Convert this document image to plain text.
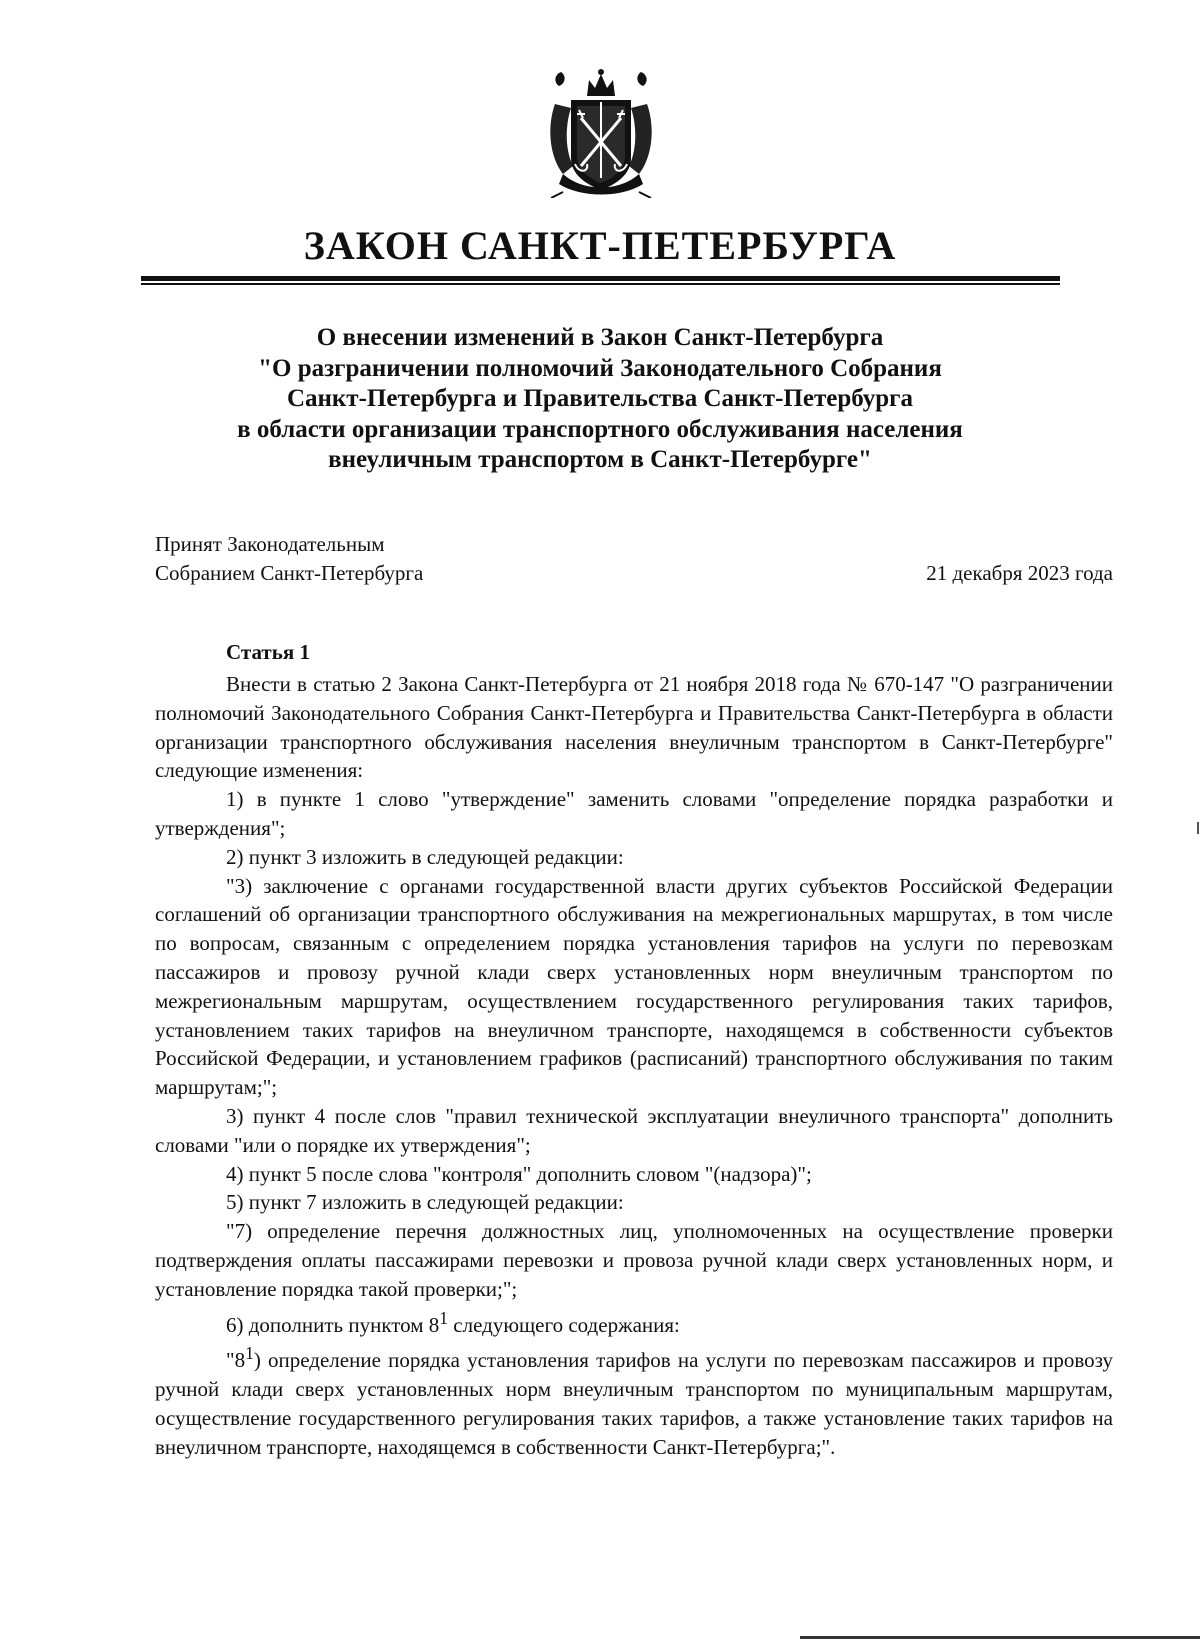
ЗАКОН САНКТ-ПЕТЕРБУРГА
О внесении изменений в Закон Санкт-Петербурга
"О разграничении полномочий Законодательного Собрания
Санкт-Петербурга и Правительства Санкт-Петербурга
в области организации транспортного обслуживания населения
внеуличным транспортом в Санкт-Петербурге"
Принят Законодательным
Собранием Санкт-Петербурга	21 декабря 2023 года
Статья 1

Внести в статью 2 Закона Санкт-Петербурга от 21 ноября 2018 года № 670-147 "О разграничении полномочий Законодательного Собрания Санкт-Петербурга и Правительства Санкт-Петербурга в области организации транспортного обслуживания населения внеуличным транспортом в Санкт-Петербурге" следующие изменения:

1) в пункте 1 слово "утверждение" заменить словами "определение порядка разработки и утверждения";

2) пункт 3 изложить в следующей редакции:

"3) заключение с органами государственной власти других субъектов Российской Федерации соглашений об организации транспортного обслуживания на межрегиональных маршрутах, в том числе по вопросам, связанным с определением порядка установления тарифов на услуги по перевозкам пассажиров и провозу ручной клади сверх установленных норм внеуличным транспортом по межрегиональным маршрутам, осуществлением государственного регулирования таких тарифов, установлением таких тарифов на внеуличном транспорте, находящемся в собственности субъектов Российской Федерации, и установлением графиков (расписаний) транспортного обслуживания по таким маршрутам;";

3) пункт 4 после слов "правил технической эксплуатации внеуличного транспорта" дополнить словами "или о порядке их утверждения";

4) пункт 5 после слова "контроля" дополнить словом "(надзора)";

5) пункт 7 изложить в следующей редакции:

"7) определение перечня должностных лиц, уполномоченных на осуществление проверки подтверждения оплаты пассажирами перевозки и провоза ручной клади сверх установленных норм, и установление порядка такой проверки;";

6) дополнить пунктом $8^1$ следующего содержания:

"$8^1$) определение порядка установления тарифов на услуги по перевозкам пассажиров и провозу ручной клади сверх установленных норм внеуличным транспортом по муниципальным маршрутам, осуществление государственного регулирования таких тарифов, а также установление таких тарифов на внеуличном транспорте, находящемся в собственности Санкт-Петербурга;".
